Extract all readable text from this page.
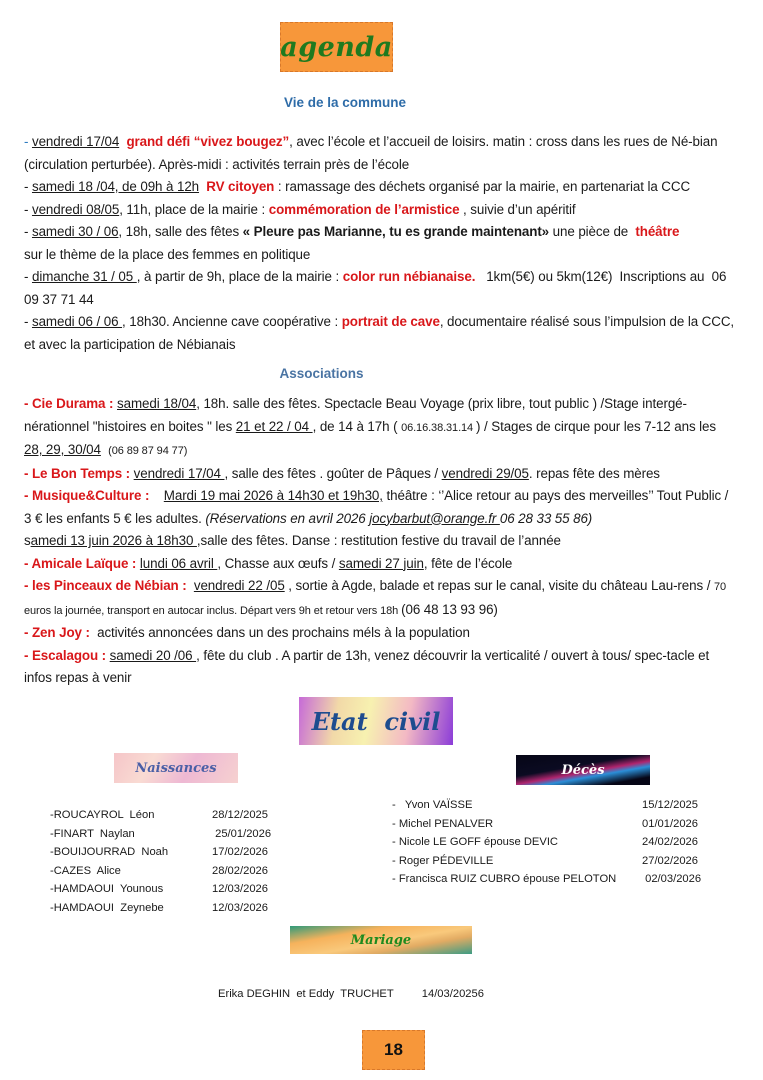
agenda
Vie de la commune

- vendredi 17/04 grand défi “vivez bougez”, avec l’école et l’accueil de loisirs. matin : cross dans les rues de Né-bian (circulation perturbée). Après-midi : activités terrain près de l’école

- samedi 18 /04, de 09h à 12h RV citoyen : ramassage des déchets organisé par la mairie, en partenariat la CCC

- vendredi 08/05, 11h, place de la mairie : commémoration de l’armistice , suivie d’un apéritif

- samedi 30 / 06, 18h, salle des fêtes « Pleure pas Marianne, tu es grande maintenant» une pièce de  théâtre
sur le thème de la place des femmes en politique

- dimanche 31 / 05 , à partir de 9h, place de la mairie : color run nébianaise.   1km(5€) ou 5km(12€)  Inscriptions au  06 09 37 71 44

- samedi 06 / 06 , 18h30. Ancienne cave coopérative : portrait de cave, documentaire réalisé sous l’impulsion de la CCC, et avec la participation de Nébianais

Associations

- Cie Durama : samedi 18/04, 18h. salle des fêtes. Spectacle Beau Voyage (prix libre, tout public ) /Stage intergé-nérationnel "histoires en boites " les 21 et 22 / 04 , de 14 à 17h ( 06.16.38.31.14 ) / Stages de cirque pour les 7-12 ans les 28, 29, 30/04 (06 89 87 94 77)

- Le Bon Temps : vendredi 17/04 , salle des fêtes . goûter de Pâques / vendredi 29/05. repas fête des mères

- Musique&Culture : Mardi 19 mai 2026 à 14h30 et 19h30, théâtre : ‘’Alice retour au pays des merveilles’’ Tout Public / 3 € les enfants 5 € les adultes. (Réservations en avril 2026 jocybarbut@orange.fr 06 28 33 55 86)
samedi 13 juin 2026 à 18h30 ,salle des fêtes. Danse : restitution festive du travail de l’année

- Amicale Laïque : lundi 06 avril , Chasse aux œufs / samedi 27 juin, fête de l’école

- les Pinceaux de Nébian : vendredi 22 /05 , sortie à Agde, balade et repas sur le canal, visite du château Lau-rens / 70 euros la journée, transport en autocar inclus. Départ vers 9h et retour vers 18h (06 48 13 93 96)

- Zen Joy :  activités annoncées dans un des prochains méls à la population

- Escalagou : samedi 20 /06 , fête du club . A partir de 13h, venez découvrir la verticalité / ouvert à tous/ spec-tacle et infos repas à venir

Etat  civil
Naissances	Décès
-ROUCAYROL  Léon	28/12/2025
-FINART  Naylan	25/01/2026
-BOUIJOURRAD  Noah	17/02/2026
-CAZES  Alice	28/02/2026
-HAMDAOUI  Younous	12/03/2026
-HAMDAOUI  Zeynebe	12/03/2026
-   Yvon VAÏSSE	15/12/2025
- Michel PENALVER	01/01/2026
- Nicole LE GOFF épouse DEVIC	24/02/2026
- Roger PÉDEVILLE	27/02/2026
- Francisca RUIZ CUBRO épouse PELOTON	02/03/2026
Mariage
Erika DEGHIN  et Eddy  TRUCHET	14/03/20256
18
